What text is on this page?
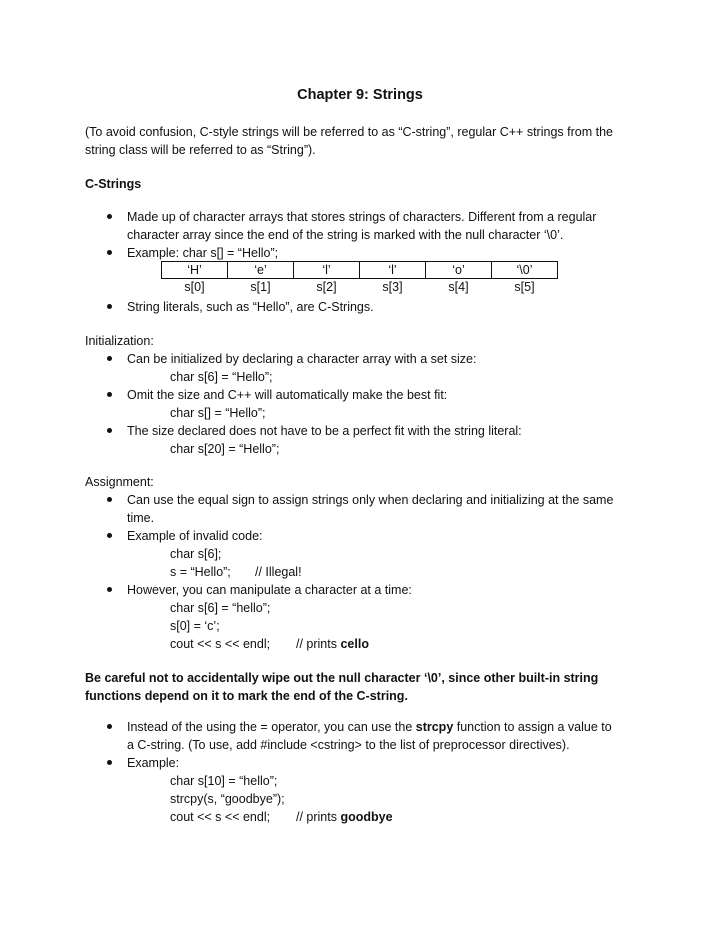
Chapter 9: Strings
(To avoid confusion, C-style strings will be referred to as “C-string”, regular C++ strings from the
string class will be referred to as “String”).
C-Strings
Made up of character arrays that stores strings of characters. Different from a regular
character array since the end of the string is marked with the null character ‘\0’.
Example: char s[] = “Hello”;
‘H’	‘e’	‘l’	‘l’	‘o’	‘\0’
s[0]	s[1]	s[2]	s[3]	s[4]	s[5]
String literals, such as “Hello”, are C-Strings.
Initialization:
Can be initialized by declaring a character array with a set size:
char s[6] = “Hello”;
Omit the size and C++ will automatically make the best fit:
char s[] = “Hello”;
The size declared does not have to be a perfect fit with the string literal:
char s[20] = “Hello”;
Assignment:
Can use the equal sign to assign strings only when declaring and initializing at the same
time.
Example of invalid code:
char s[6];
s = “Hello”; // Illegal!
However, you can manipulate a character at a time:
char s[6] = “hello”;
s[0] = ‘c’;
cout << s << endl; // prints cello
Be careful not to accidentally wipe out the null character ‘\0’, since other built-in string
functions depend on it to mark the end of the C-string.
Instead of the using the = operator, you can use the strcpy function to assign a value to
a C-string. (To use, add #include <cstring> to the list of preprocessor directives).
Example:
char s[10] = “hello”;
strcpy(s, “goodbye”);
cout << s << endl; // prints goodbye
